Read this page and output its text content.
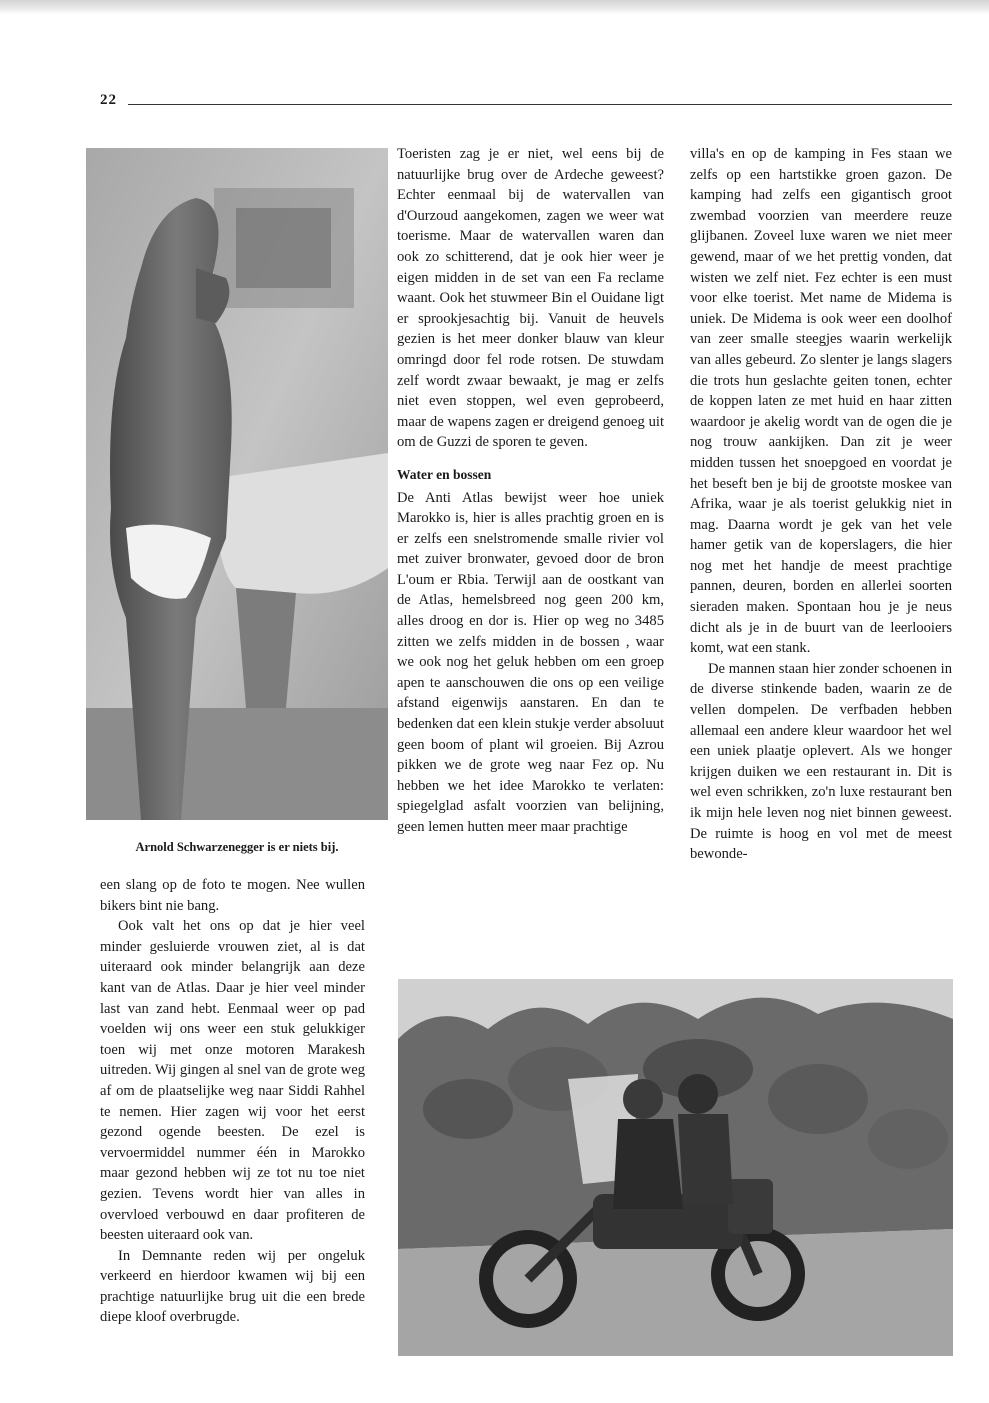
22
Arnold Schwarzenegger is er niets bij.

een slang op de foto te mogen. Nee wullen bikers bint nie bang.

Ook valt het ons op dat je hier veel minder gesluierde vrouwen ziet, al is dat uiteraard ook minder belangrijk aan deze kant van de Atlas. Daar je hier veel minder last van zand hebt. Eenmaal weer op pad voelden wij ons weer een stuk gelukkiger toen wij met onze motoren Marakesh uitreden. Wij gingen al snel van de grote weg af om de plaatselijke weg naar Siddi Rahhel te nemen. Hier zagen wij voor het eerst gezond ogende beesten. De ezel is vervoermiddel nummer één in Marokko maar gezond hebben wij ze tot nu toe niet gezien. Tevens wordt hier van alles in overvloed verbouwd en daar profiteren de beesten uiteraard ook van.

In Demnante reden wij per ongeluk verkeerd en hierdoor kwamen wij bij een prachtige natuurlijke brug uit die een brede diepe kloof overbrugde.

Toeristen zag je er niet, wel eens bij de natuurlijke brug over de Ardeche geweest? Echter eenmaal bij de watervallen van d'Ourzoud aangekomen, zagen we weer wat toerisme. Maar de watervallen waren dan ook zo schitterend, dat je ook hier weer je eigen midden in de set van een Fa reclame waant. Ook het stuwmeer Bin el Ouidane ligt er sprookjesachtig bij. Vanuit de heuvels gezien is het meer donker blauw van kleur omringd door fel rode rotsen. De stuwdam zelf wordt zwaar bewaakt, je mag er zelfs niet even stoppen, wel even geprobeerd, maar de wapens zagen er dreigend genoeg uit om de Guzzi de sporen te geven.

Water en bossen

De Anti Atlas bewijst weer hoe uniek Marokko is, hier is alles prachtig groen en is er zelfs een snelstromende smalle rivier vol met zuiver bronwater, gevoed door de bron L'oum er Rbia. Terwijl aan de oostkant van de Atlas, hemelsbreed nog geen 200 km, alles droog en dor is. Hier op weg no 3485 zitten we zelfs midden in de bossen , waar we ook nog het geluk hebben om een groep apen te aanschouwen die ons op een veilige afstand eigenwijs aanstaren. En dan te bedenken dat een klein stukje verder absoluut geen boom of plant wil groeien. Bij Azrou pikken we de grote weg naar Fez op. Nu hebben we het idee Marokko te verlaten: spiegelglad asfalt voorzien van belijning, geen lemen hutten meer maar prachtige

villa's en op de kamping in Fes staan we zelfs op een hartstikke groen gazon. De kamping had zelfs een gigantisch groot zwembad voorzien van meerdere reuze glijbanen. Zoveel luxe waren we niet meer gewend, maar of we het prettig vonden, dat wisten we zelf niet. Fez echter is een must voor elke toerist. Met name de Midema is uniek. De Midema is ook weer een doolhof van zeer smalle steegjes waarin werkelijk van alles gebeurd. Zo slenter je langs slagers die trots hun geslachte geiten tonen, echter de koppen laten ze met huid en haar zitten waardoor je akelig wordt van de ogen die je nog trouw aankijken. Dan zit je weer midden tussen het snoepgoed en voordat je het beseft ben je bij de grootste moskee van Afrika, waar je als toerist gelukkig niet in mag. Daarna wordt je gek van het vele hamer getik van de koperslagers, die hier nog met het handje de meest prachtige pannen, deuren, borden en allerlei soorten sieraden maken. Spontaan hou je je neus dicht als je in de buurt van de leerlooiers komt, wat een stank.

De mannen staan hier zonder schoenen in de diverse stinkende baden, waarin ze de vellen dompelen. De verfbaden hebben allemaal een andere kleur waardoor het wel een uniek plaatje oplevert. Als we honger krijgen duiken we een restaurant in. Dit is wel even schrikken, zo'n luxe restaurant ben ik mijn hele leven nog niet binnen geweest. De ruimte is hoog en vol met de meest bewonde-
